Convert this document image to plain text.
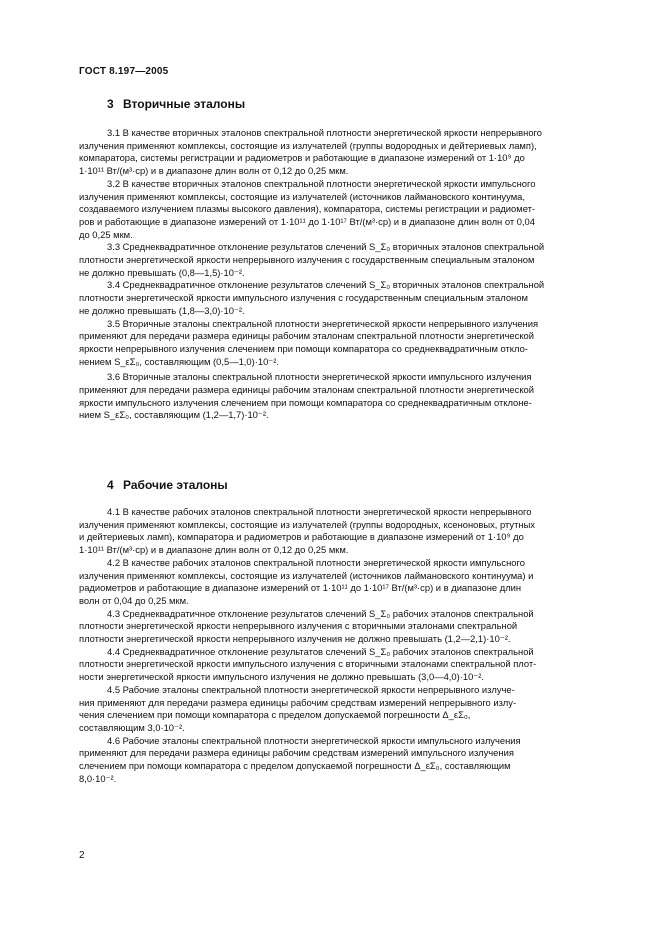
ГОСТ 8.197—2005
3 Вторичные эталоны
3.1 В качестве вторичных эталонов спектральной плотности энергетической яркости непрерывного
излучения применяют комплексы, состоящие из излучателей (группы водородных и дейтериевых ламп),
компаратора, системы регистрации и радиометров и работающие в диапазоне измерений от 1·10⁹ до
1·10¹¹ Вт/(м³·ср) и в диапазоне длин волн от 0,12 до 0,25 мкм.
3.2 В качестве вторичных эталонов спектральной плотности энергетической яркости импульсного
излучения применяют комплексы, состоящие из излучателей (источников лаймановского континуума,
создаваемого излучением плазмы высокого давления), компаратора, системы регистрации и радиомет-
ров и работающие в диапазоне измерений от 1·10¹¹ до 1·10¹⁷ Вт/(м³·ср) и в диапазоне длин волн от 0,04
до 0,25 мкм.
3.3 Среднеквадратичное отклонение результатов слечений S_Σ₀ вторичных эталонов спектральной
плотности энергетической яркости непрерывного излучения с государственным специальным эталоном
не должно превышать (0,8—1,5)·10⁻².
3.4 Среднеквадратичное отклонение результатов слечений S_Σ₀ вторичных эталонов спектральной
плотности энергетической яркости импульсного излучения с государственным специальным эталоном
не должно превышать (1,8—3,0)·10⁻².
3.5 Вторичные эталоны спектральной плотности энергетической яркости непрерывного излучения
применяют для передачи размера единицы рабочим эталонам спектральной плотности энергетической
яркости непрерывного излучения слечением при помощи компаратора со среднеквадратичным откло-
нением S_εΣ₀, составляющим (0,5—1,0)·10⁻².
3.6 Вторичные эталоны спектральной плотности энергетической яркости импульсного излучения
применяют для передачи размера единицы рабочим эталонам спектральной плотности энергетической
яркости импульсного излучения слечением при помощи компаратора со среднеквадратичным отклоне-
нием S_εΣ₀, составляющим (1,2—1,7)·10⁻².
4 Рабочие эталоны
4.1 В качестве рабочих эталонов спектральной плотности энергетической яркости непрерывного
излучения применяют комплексы, состоящие из излучателей (группы водородных, ксеноновых, ртутных
и дейтериевых ламп), компаратора и радиометров и работающие в диапазоне измерений от 1·10⁹ до
1·10¹¹ Вт/(м³·ср) и в диапазоне длин волн от 0,12 до 0,25 мкм.
4.2 В качестве рабочих эталонов спектральной плотности энергетической яркости импульсного
излучения применяют комплексы, состоящие из излучателей (источников лаймановского континуума) и
радиометров и работающие в диапазоне измерений от 1·10¹¹ до 1·10¹⁷ Вт/(м³·ср) и в диапазоне длин
волн от 0,04 до 0,25 мкм.
4.3 Среднеквадратичное отклонение результатов слечений S_Σ₀ рабочих эталонов спектральной
плотности энергетической яркости непрерывного излучения с вторичными эталонами спектральной
плотности энергетической яркости непрерывного излучения не должно превышать (1,2—2,1)·10⁻².
4.4 Среднеквадратичное отклонение результатов слечений S_Σ₀ рабочих эталонов спектральной
плотности энергетической яркости импульсного излучения с вторичными эталонами спектральной плот-
ности энергетической яркости импульсного излучения не должно превышать (3,0—4,0)·10⁻².
4.5 Рабочие эталоны спектральной плотности энергетической яркости непрерывного излуче-
ния применяют для передачи размера единицы рабочим средствам измерений непрерывного излу-
чения слечением при помощи компаратора с пределом допускаемой погрешности Δ_εΣ₀,
составляющим 3,0·10⁻².
4.6 Рабочие эталоны спектральной плотности энергетической яркости импульсного излучения
применяют для передачи размера единицы рабочим средствам измерений импульсного излучения
слечением при помощи компаратора с пределом допускаемой погрешности Δ_εΣ₀, составляющим
8,0·10⁻².
2
